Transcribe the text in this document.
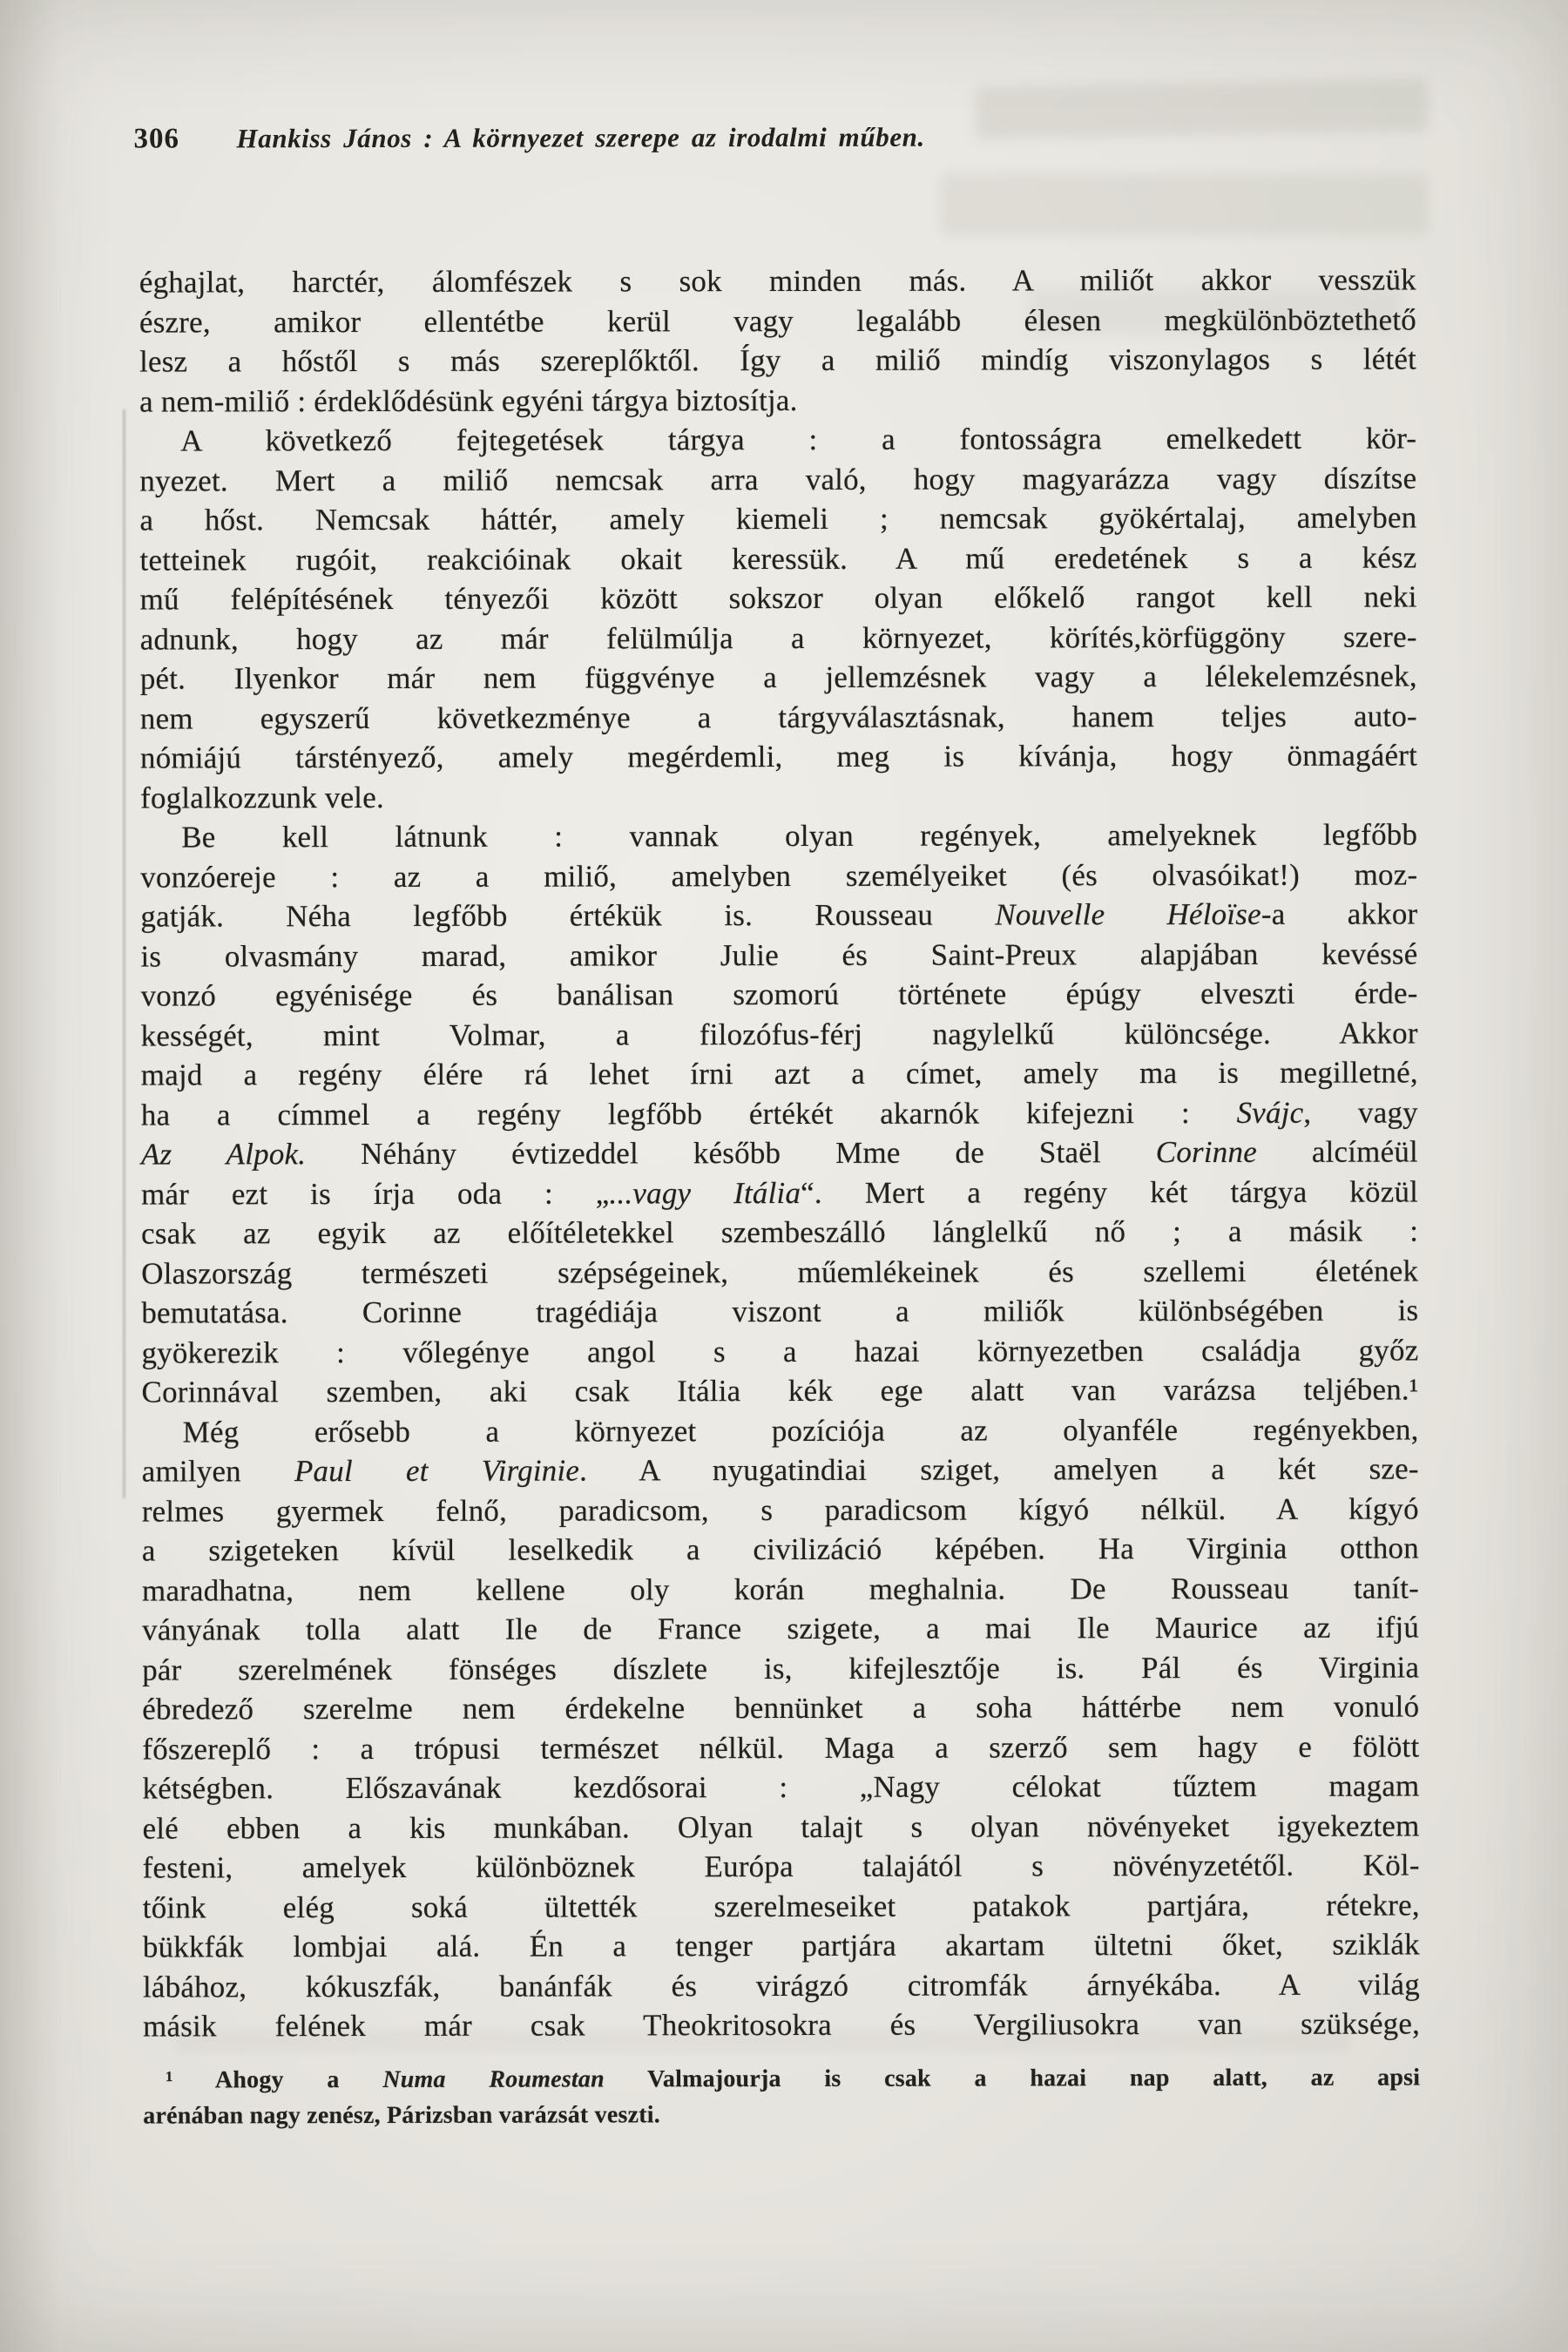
306 Hankiss János : A környezet szerepe az irodalmi műben.
éghajlat, harctér, álomfészek s sok minden más. A miliőt akkor vesszük
észre, amikor ellentétbe kerül vagy legalább élesen megkülönböztethető
lesz a hőstől s más szereplőktől. Így a miliő mindíg viszonylagos s létét
a nem-miliő : érdeklődésünk egyéni tárgya biztosítja.
A következő fejtegetések tárgya : a fontosságra emelkedett kör-
nyezet. Mert a miliő nemcsak arra való, hogy magyarázza vagy díszítse
a hőst. Nemcsak háttér, amely kiemeli ; nemcsak gyökértalaj, amelyben
tetteinek rugóit, reakcióinak okait keressük. A mű eredetének s a kész
mű felépítésének tényezői között sokszor olyan előkelő rangot kell neki
adnunk, hogy az már felülmúlja a környezet, körítés,körfüggöny szere-
pét. Ilyenkor már nem függvénye a jellemzésnek vagy a lélekelemzésnek,
nem egyszerű következménye a tárgyválasztásnak, hanem teljes auto-
nómiájú társtényező, amely megérdemli, meg is kívánja, hogy önmagáért
foglalkozzunk vele.
Be kell látnunk : vannak olyan regények, amelyeknek legfőbb
vonzóereje : az a miliő, amelyben személyeiket (és olvasóikat!) moz-
gatják. Néha legfőbb értékük is. Rousseau Nouvelle Héloïse-a akkor
is olvasmány marad, amikor Julie és Saint-Preux alapjában kevéssé
vonzó egyénisége és banálisan szomorú története épúgy elveszti érde-
kességét, mint Volmar, a filozófus-férj nagylelkű különcsége. Akkor
majd a regény élére rá lehet írni azt a címet, amely ma is megilletné,
ha a címmel a regény legfőbb értékét akarnók kifejezni : Svájc, vagy
Az Alpok. Néhány évtizeddel később Mme de Staël Corinne alcíméül
már ezt is írja oda : „...vagy Itália“. Mert a regény két tárgya közül
csak az egyik az előítéletekkel szembeszálló lánglelkű nő ; a másik :
Olaszország természeti szépségeinek, műemlékeinek és szellemi életének
bemutatása. Corinne tragédiája viszont a miliők különbségében is
gyökerezik : vőlegénye angol s a hazai környezetben családja győz
Corinnával szemben, aki csak Itália kék ege alatt van varázsa teljében.¹
Még erősebb a környezet pozíciója az olyanféle regényekben,
amilyen Paul et Virginie. A nyugatindiai sziget, amelyen a két sze-
relmes gyermek felnő, paradicsom, s paradicsom kígyó nélkül. A kígyó
a szigeteken kívül leselkedik a civilizáció képében. Ha Virginia otthon
maradhatna, nem kellene oly korán meghalnia. De Rousseau tanít-
ványának tolla alatt Ile de France szigete, a mai Ile Maurice az ifjú
pár szerelmének fönséges díszlete is, kifejlesztője is. Pál és Virginia
ébredező szerelme nem érdekelne bennünket a soha háttérbe nem vonuló
főszereplő : a trópusi természet nélkül. Maga a szerző sem hagy e fölött
kétségben. Előszavának kezdősorai : „Nagy célokat tűztem magam
elé ebben a kis munkában. Olyan talajt s olyan növényeket igyekeztem
festeni, amelyek különböznek Európa talajától s növényzetétől. Köl-
tőink elég soká ültették szerelmeseiket patakok partjára, rétekre,
bükkfák lombjai alá. Én a tenger partjára akartam ültetni őket, sziklák
lábához, kókuszfák, banánfák és virágzó citromfák árnyékába. A világ
másik felének már csak Theokritosokra és Vergiliusokra van szüksége,
¹ Ahogy a Numa Roumestan Valmajourja is csak a hazai nap alatt, az apsi
arénában nagy zenész, Párizsban varázsát veszti.
